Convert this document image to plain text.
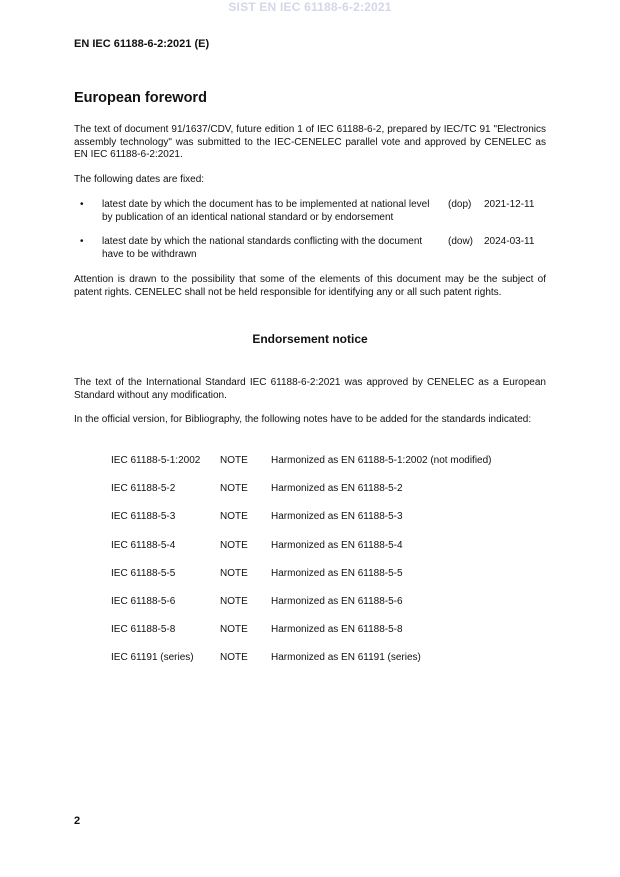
SIST EN IEC 61188-6-2:2021
EN IEC 61188-6-2:2021 (E)
European foreword
The text of document 91/1637/CDV, future edition 1 of IEC 61188-6-2, prepared by IEC/TC 91 "Electronics assembly technology" was submitted to the IEC-CENELEC parallel vote and approved by CENELEC as EN IEC 61188-6-2:2021.
The following dates are fixed:
• latest date by which the document has to be implemented at national level by publication of an identical national standard or by endorsement
(dop) 2021-12-11
• latest date by which the national standards conflicting with the document have to be withdrawn
(dow) 2024-03-11
Attention is drawn to the possibility that some of the elements of this document may be the subject of patent rights. CENELEC shall not be held responsible for identifying any or all such patent rights.
Endorsement notice
The text of the International Standard IEC 61188-6-2:2021 was approved by CENELEC as a European Standard without any modification.
In the official version, for Bibliography, the following notes have to be added for the standards indicated:
IEC 61188-5-1:2002 NOTE Harmonized as EN 61188-5-1:2002 (not modified)
IEC 61188-5-2	NOTE Harmonized as EN 61188-5-2
IEC 61188-5-3	NOTE Harmonized as EN 61188-5-3
IEC 61188-5-4	NOTE Harmonized as EN 61188-5-4
IEC 61188-5-5	NOTE Harmonized as EN 61188-5-5
IEC 61188-5-6	NOTE Harmonized as EN 61188-5-6
IEC 61188-5-8	NOTE Harmonized as EN 61188-5-8
IEC 61191 (series)	NOTE Harmonized as EN 61191 (series)
2
